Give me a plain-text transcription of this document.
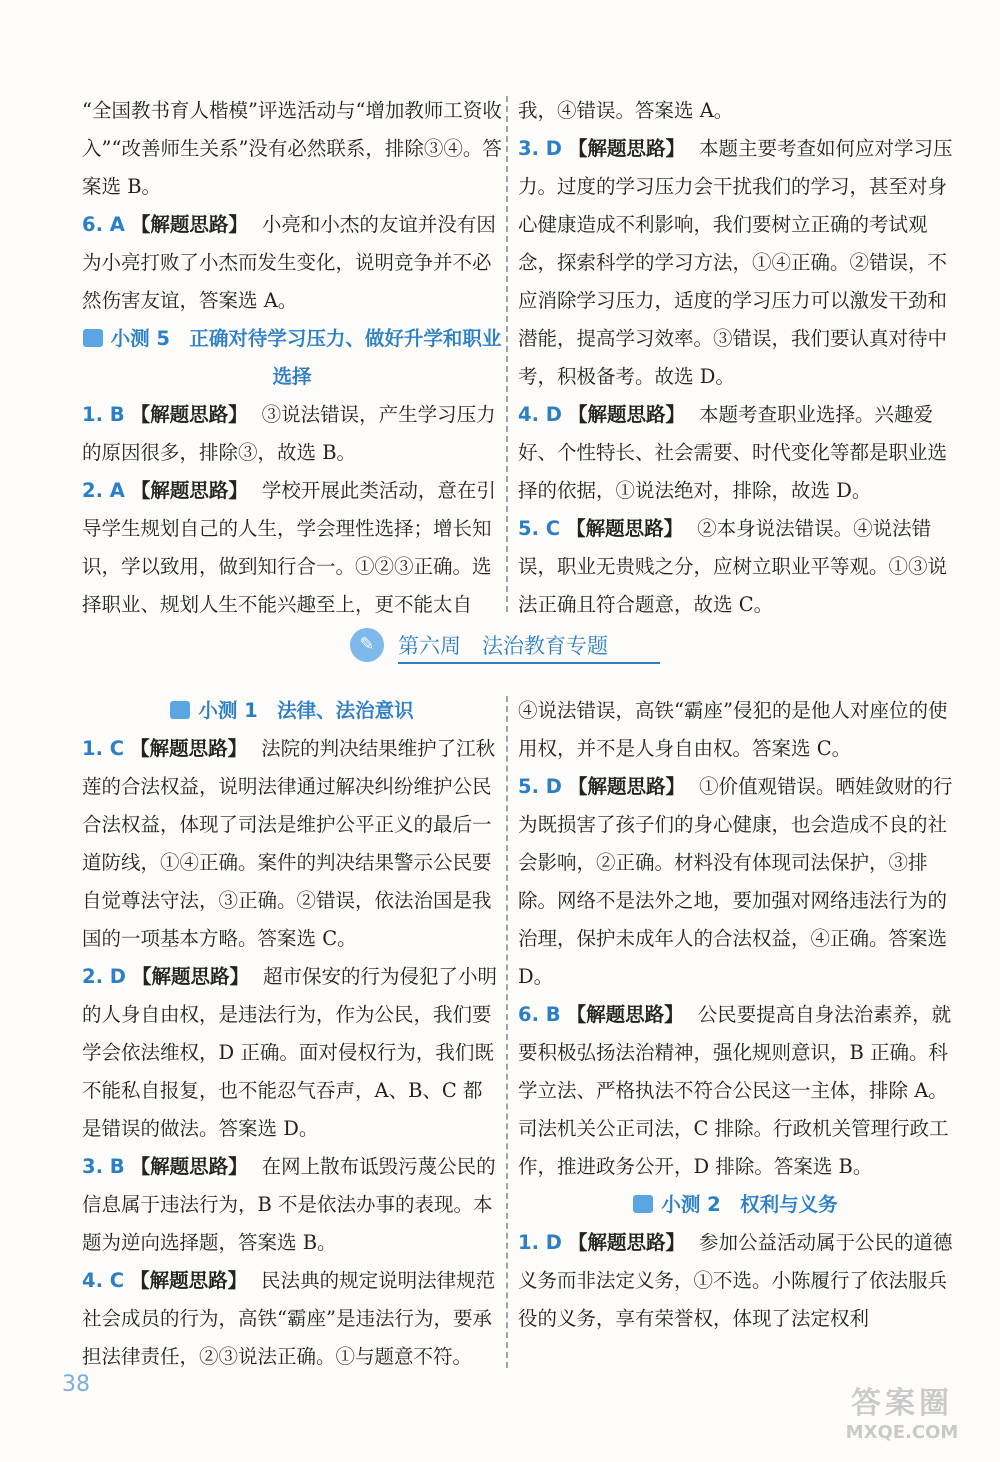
“全国教书育人楷模”评选活动与“增加教师工资收入”“改善师生关系”没有必然联系，排除③④。答案选 B。

6. A 【解题思路】 小亮和小杰的友谊并没有因为小亮打败了小杰而发生变化，说明竞争并不必然伤害友谊，答案选 A。

小测 5　正确对待学习压力、做好升学和职业选择

1. B 【解题思路】 ③说法错误，产生学习压力的原因很多，排除③，故选 B。

2. A 【解题思路】 学校开展此类活动，意在引导学生规划自己的人生，学会理性选择；增长知识，学以致用，做到知行合一。①②③正确。选择职业、规划人生不能兴趣至上，更不能太自

我，④错误。答案选 A。

3. D 【解题思路】 本题主要考查如何应对学习压力。过度的学习压力会干扰我们的学习，甚至对身心健康造成不利影响，我们要树立正确的考试观念，探索科学的学习方法，①④正确。②错误，不应消除学习压力，适度的学习压力可以激发干劲和潜能，提高学习效率。③错误，我们要认真对待中考，积极备考。故选 D。

4. D 【解题思路】 本题考查职业选择。兴趣爱好、个性特长、社会需要、时代变化等都是职业选择的依据，①说法绝对，排除，故选 D。

5. C 【解题思路】 ②本身说法错误。④说法错误，职业无贵贱之分，应树立职业平等观。①③说法正确且符合题意，故选 C。

✎	第六周　法治教育专题

小测 1　法律、法治意识

1. C 【解题思路】 法院的判决结果维护了江秋莲的合法权益，说明法律通过解决纠纷维护公民合法权益，体现了司法是维护公平正义的最后一道防线，①④正确。案件的判决结果警示公民要自觉尊法守法，③正确。②错误，依法治国是我国的一项基本方略。答案选 C。

2. D 【解题思路】 超市保安的行为侵犯了小明的人身自由权，是违法行为，作为公民，我们要学会依法维权，D 正确。面对侵权行为，我们既不能私自报复，也不能忍气吞声，A、B、C 都是错误的做法。答案选 D。

3. B 【解题思路】 在网上散布诋毁污蔑公民的信息属于违法行为，B 不是依法办事的表现。本题为逆向选择题，答案选 B。

4. C 【解题思路】 民法典的规定说明法律规范社会成员的行为，高铁“霸座”是违法行为，要承担法律责任，②③说法正确。①与题意不符。

④说法错误，高铁“霸座”侵犯的是他人对座位的使用权，并不是人身自由权。答案选 C。

5. D 【解题思路】 ①价值观错误。晒娃敛财的行为既损害了孩子们的身心健康，也会造成不良的社会影响，②正确。材料没有体现司法保护，③排除。网络不是法外之地，要加强对网络违法行为的治理，保护未成年人的合法权益，④正确。答案选 D。

6. B 【解题思路】 公民要提高自身法治素养，就要积极弘扬法治精神，强化规则意识，B 正确。科学立法、严格执法不符合公民这一主体，排除 A。司法机关公正司法，C 排除。行政机关管理行政工作，推进政务公开，D 排除。答案选 B。

小测 2　权利与义务

1. D 【解题思路】 参加公益活动属于公民的道德义务而非法定义务，①不选。小陈履行了依法服兵役的义务，享有荣誉权，体现了法定权利

38
答案圈
MXQE.COM
